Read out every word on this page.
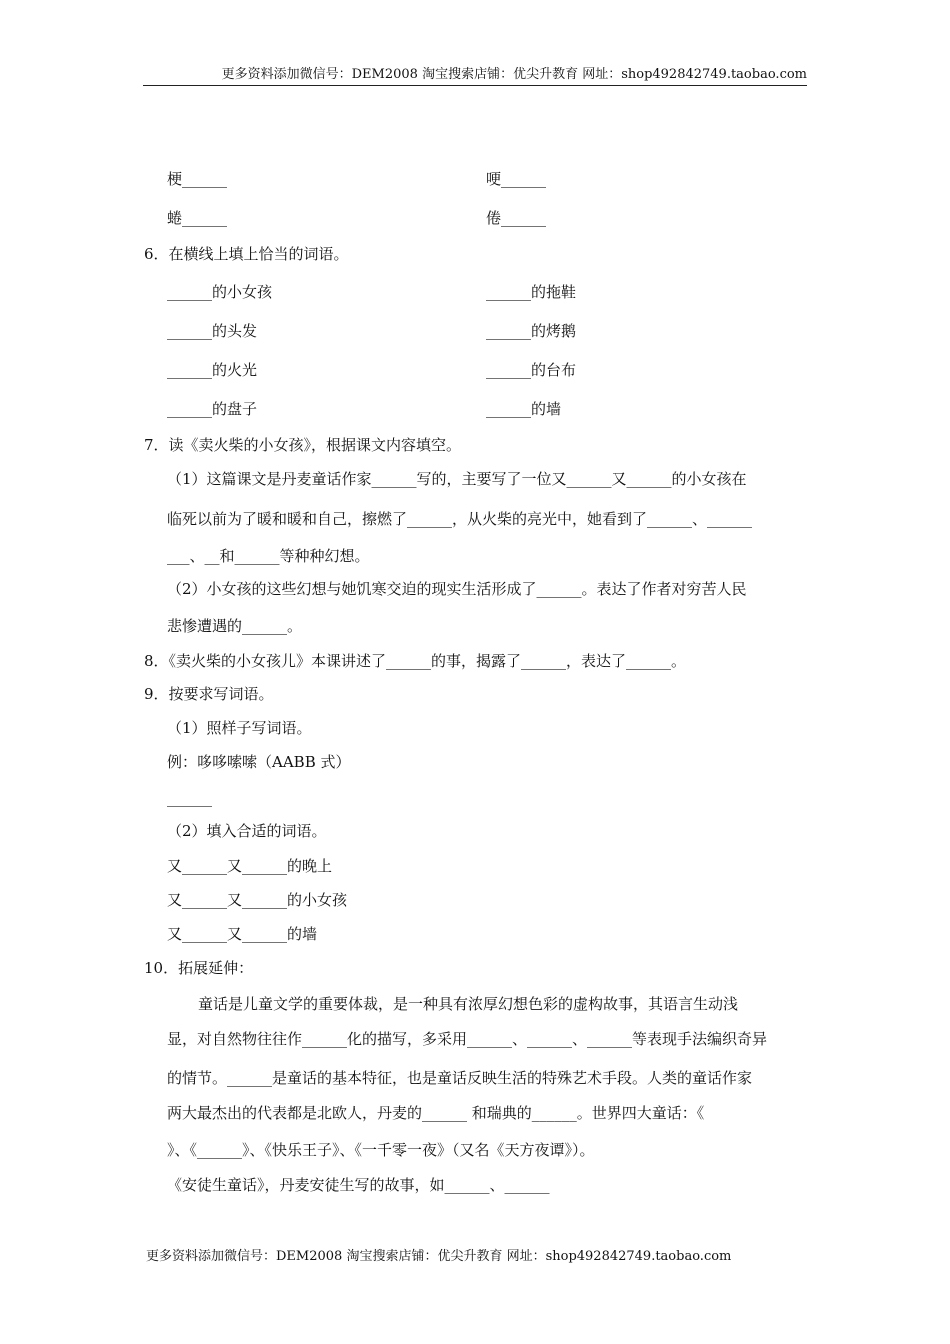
更多资料添加微信号：DEM2008 淘宝搜索店铺：优尖升教育 网址：shop492842749.taobao.com
梗______	哽______
蜷______	倦______
6．在横线上填上恰当的词语。
______的小女孩	______的拖鞋
______的头发	______的烤鹅
______的火光	______的台布
______的盘子	______的墙
7．读《卖火柴的小女孩》，根据课文内容填空。
（1）这篇课文是丹麦童话作家______写的，主要写了一位又______又______的小女孩在
临死以前为了暖和暖和自己，擦燃了______，从火柴的亮光中，她看到了______、______
___、__和______等种种幻想。
（2）小女孩的这些幻想与她饥寒交迫的现实生活形成了______。表达了作者对穷苦人民
悲惨遭遇的______。
8．《卖火柴的小女孩儿》本课讲述了______的事，揭露了______，表达了______。
9．按要求写词语。
（1）照样子写词语。
例：哆哆嗦嗦（AABB 式）
______
（2）填入合适的词语。
又______又______的晚上
又______又______的小女孩
又______又______的墙
10．拓展延伸：
童话是儿童文学的重要体裁，是一种具有浓厚幻想色彩的虚构故事，其语言生动浅
显，对自然物往往作______化的描写，多采用______、______、______等表现手法编织奇异
的情节。______是童话的基本特征，也是童话反映生活的特殊艺术手段。人类的童话作家
两大最杰出的代表都是北欧人，丹麦的______ 和瑞典的______。世界四大童话：《
》、《______》、《快乐王子》、《一千零一夜》（又名《天方夜谭》）。
《安徒生童话》，丹麦安徒生写的故事，如______、______
更多资料添加微信号：DEM2008 淘宝搜索店铺：优尖升教育 网址：shop492842749.taobao.com
